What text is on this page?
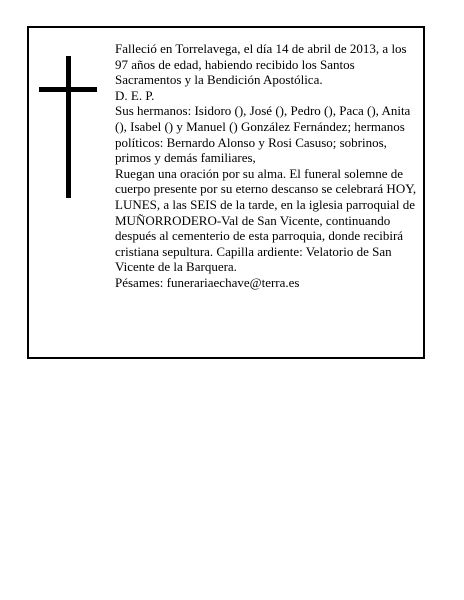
Falleció en Torrelavega, el día 14 de abril de 2013, a los 97 años de edad, habiendo recibido los Santos Sacramentos y la Bendición Apostólica.

D. E. P.

Sus hermanos: Isidoro (), José (), Pedro (), Paca (), Anita (), Isabel () y Manuel () González Fernández; hermanos políticos: Bernardo Alonso y Rosi Casuso; sobrinos, primos y demás familiares,

Ruegan una oración por su alma. El funeral solemne de cuerpo presente por su eterno descanso se celebrará HOY, LUNES, a las SEIS de la tarde, en la iglesia parroquial de MUÑORRODERO-Val de San Vicente, continuando después al cementerio de esta parroquia, donde recibirá cristiana sepultura. Capilla ardiente: Velatorio de San Vicente de la Barquera.

Pésames: funerariaechave@terra.es
